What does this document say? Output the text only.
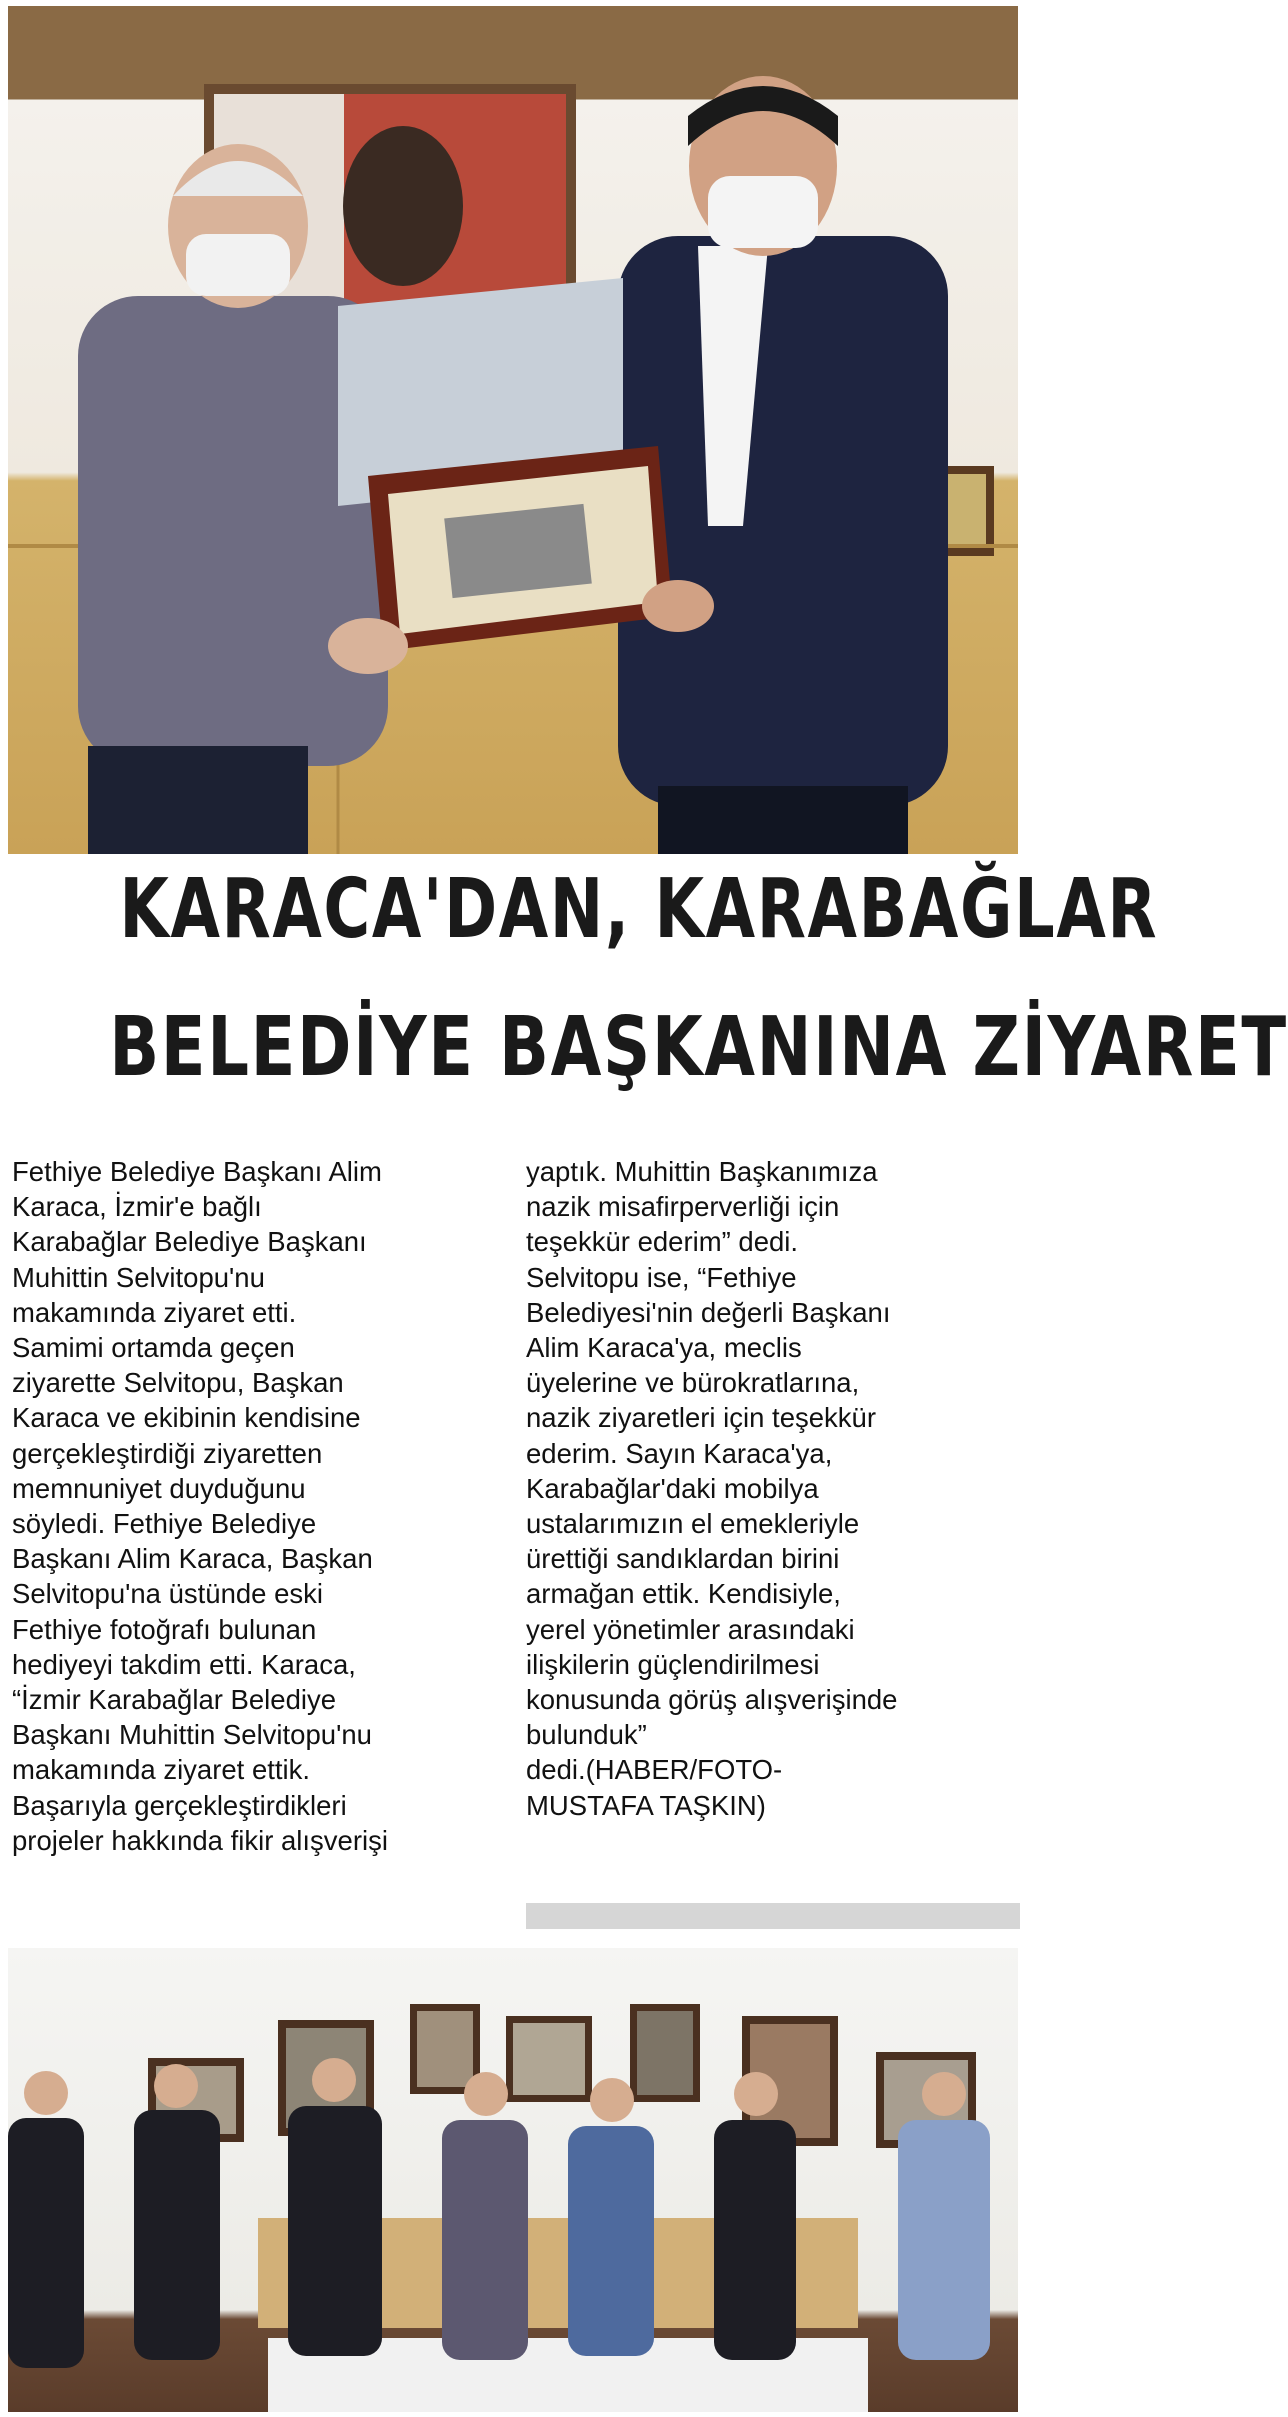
KARACA'DAN, KARABAĞLAR
BELEDİYE BAŞKANINA ZİYARET

Fethiye Belediye Başkanı Alim
Karaca, İzmir'e bağlı
Karabağlar Belediye Başkanı
Muhittin Selvitopu'nu
makamında ziyaret etti.
Samimi ortamda geçen
ziyarette Selvitopu, Başkan
Karaca ve ekibinin kendisine
gerçekleştirdiği ziyaretten
memnuniyet duyduğunu
söyledi. Fethiye Belediye
Başkanı Alim Karaca, Başkan
Selvitopu'na üstünde eski
Fethiye fotoğrafı bulunan
hediyeyi takdim etti. Karaca,
“İzmir Karabağlar Belediye
Başkanı Muhittin Selvitopu'nu
makamında ziyaret ettik.
Başarıyla gerçekleştirdikleri
projeler hakkında fikir alışverişi

yaptık. Muhittin Başkanımıza
nazik misafirperverliği için
teşekkür ederim” dedi.
Selvitopu ise, “Fethiye
Belediyesi'nin değerli Başkanı
Alim Karaca'ya, meclis
üyelerine ve bürokratlarına,
nazik ziyaretleri için teşekkür
ederim. Sayın Karaca'ya,
Karabağlar'daki mobilya
ustalarımızın el emekleriyle
ürettiği sandıklardan birini
armağan ettik. Kendisiyle,
yerel yönetimler arasındaki
ilişkilerin güçlendirilmesi
konusunda görüş alışverişinde
bulunduk”
dedi.(HABER/FOTO-
MUSTAFA TAŞKIN)
